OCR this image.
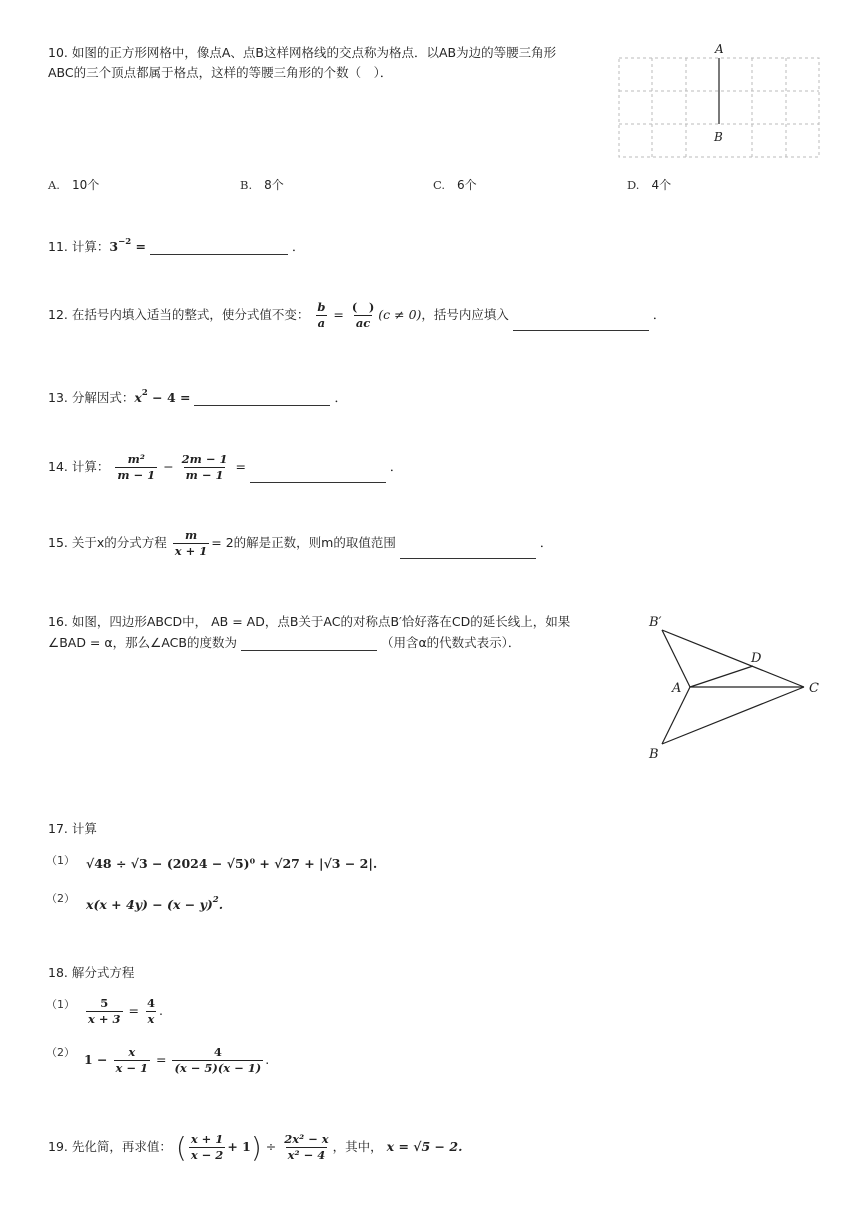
10. 如图的正方形网格中，像点A、点B这样网格线的交点称为格点．以AB为边的等腰三角形
ABC的三个顶点都属于格点，这样的等腰三角形的个数（　）．
A
B
A. 10个	B. 8个	C. 6个	D. 4个
11. 计算：$3^{-2}$ =	．
12. 在括号内填入适当的整式，使分式值不变： $\frac{b}{a} = \frac{( )}{ac} (c \ne 0)$，括号内应填入	．
13. 分解因式：$x^2 - 4$ =	．
14. 计算： $\frac{\text{m²}}{m - 1} - \frac{2m - 1}{m - 1}$ =	．
15. 关于x的分式方程 $\frac{m}{x + 1} = 2$的解是正数，则m的取值范围	．
16. 如图，四边形ABCD中， AB = AD，点B关于AC的对称点B′恰好落在CD的延长线上，如果
∠BAD = α，那么∠ACB的度数为	（用含α的代数式表示）．
B′
D
A	C
B
17. 计算
（1） √48 ÷ √3 − (2024 − √5)⁰ + √27 + |√3 − 2|.
（2） $x(x + 4y) - (x - y)^2$.
18. 解分式方程
$(1) \frac{5}{x + 3} = \frac{4}{x}$ .
（2） $1 - \frac{x}{x - 1} = \frac{4}{(x - 5)(x - 1)}$ .
19. 先化简，再求值： ( $\frac{x + 1}{x - 2} + 1) \div \frac{\text{2x² − x}}{\text{x² − 4}}$ ，其中， x = √5 − 2.
